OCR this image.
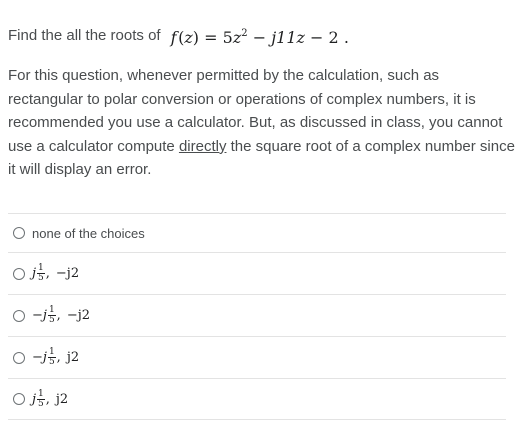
Find the all the roots of f $(z) = 5z^2 - j11z - 2$ .
For this question, whenever permitted by the calculation, such as rectangular to polar conversion or operations of complex numbers, it is recommended you use a calculator. But, as discussed in class, you cannot use a calculator compute directly the square root of a complex number since it will display an error.
none of the choices
j $\frac{1}{5}$ , −j2
− j $\frac{1}{5}$ , −j2
− j $\frac{1}{5}$ , j2
j $\frac{1}{5}$ , j2
